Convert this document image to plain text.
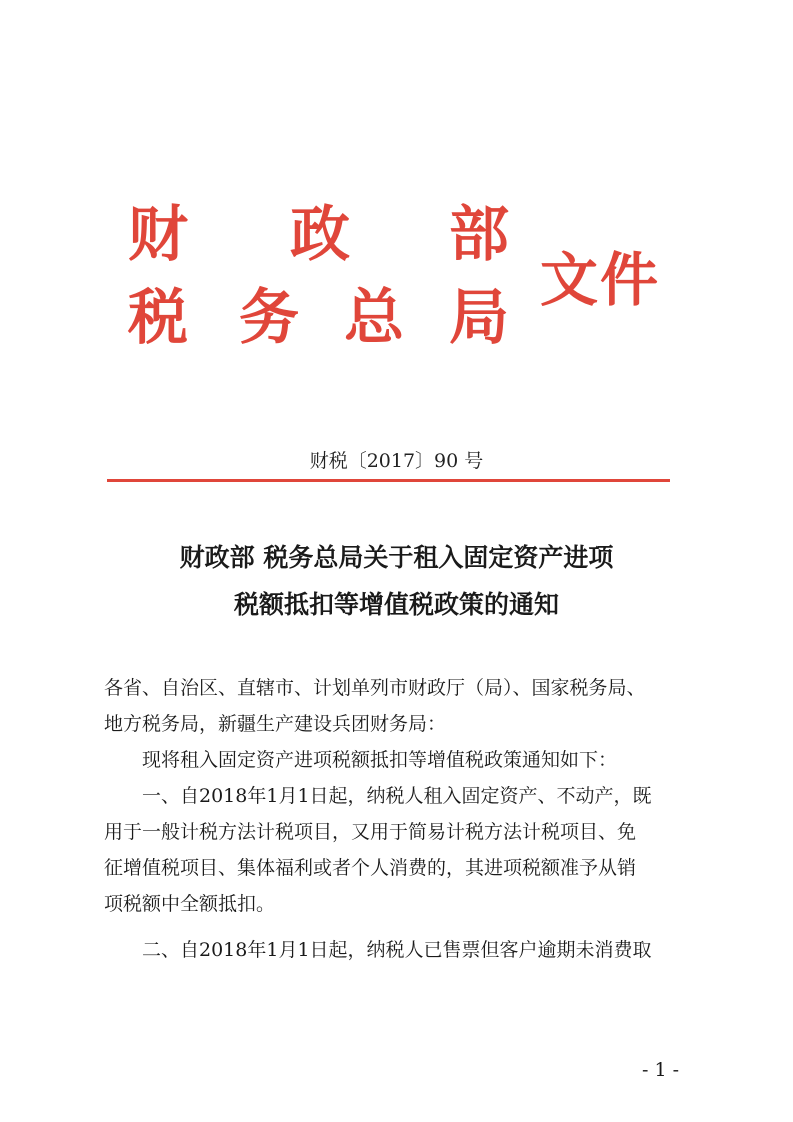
财 政 部
税 务 总 局
文件
财税〔2017〕90 号
财政部 税务总局关于租入固定资产进项
税额抵扣等增值税政策的通知
各省、自治区、直辖市、计划单列市财政厅（局）、国家税务局、
地方税务局，新疆生产建设兵团财务局：
　　现将租入固定资产进项税额抵扣等增值税政策通知如下：
　　一、自2018年1月1日起，纳税人租入固定资产、不动产，既
用于一般计税方法计税项目，又用于简易计税方法计税项目、免
征增值税项目、集体福利或者个人消费的，其进项税额准予从销
项税额中全额抵扣。
　　二、自2018年1月1日起，纳税人已售票但客户逾期未消费取
- 1 -
